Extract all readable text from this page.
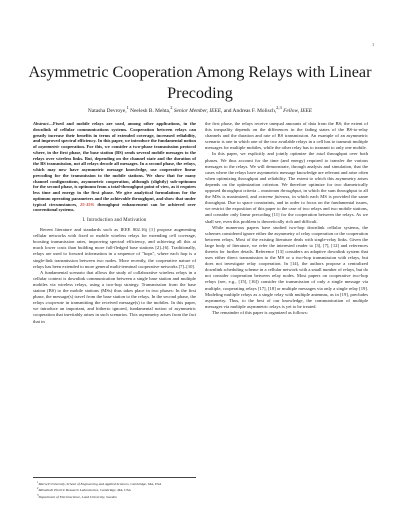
1
Asymmetric Cooperation Among Relays with Linear Precoding
Natasha Devroye,$^1$ Neelesh B. Mehta,$^2$ Senior Member, IEEE, and Andreas F. Molisch,$^{2,3}$ Fellow, IEEE
Abstract—Fixed and mobile relays are used, among other applications, in the downlink of cellular communications systems. Cooperation between relays can greatly increase their benefits in terms of extended coverage, increased reliability, and improved spectral efficiency. In this paper, we introduce the fundamental notion of asymmetric cooperation. For this, we consider a two-phase transmission protocol where, in the first phase, the base station (BS) sends several mobile messages to the relays over wireless links. But, depending on the channel state and the duration of the BS transmission, not all relays decode all messages. In a second phase, the relays, which may now have asymmetric message knowledge, use cooperative linear precoding for the transmission to the mobile stations. We show that for many channel configurations, asymmetric cooperation, although (slightly) sub-optimum for the second phase, is optimum from a total-throughput point of view, as it requires less time and energy in the first phase. We give analytical formulations for the optimum operating parameters and the achievable throughput, and show that under typical circumstances, 25-35% throughput enhancement can be achieved over conventional systems.
I. Introduction and Motivation

Recent literature and standards such as IEEE 802.16j [1] propose augmenting cellular networks with fixed or mobile wireless relays for extending cell coverage, boosting transmission rates, improving spectral efficiency, and achieving all this at much lower costs than building more full-fledged base stations [2]–[6]. Traditionally, relays are used to forward information in a sequence of "hops", where each hop is a single-link transmission between two nodes. More recently, the cooperative nature of relays has been extended to more general multi-terminal cooperative networks [7]–[10].

A fundamental scenario that allows the study of collaborative wireless relays in a cellular context is downlink communication between a single base station and multiple mobiles via wireless relays, using a two-hop strategy. Transmission from the base station (BS) to the mobile stations (MSs) thus takes place in two phases: In the first phase, the message(s) travel from the base station to the relays. In the second phase, the relays cooperate in transmitting the received message(s) to the mobiles. In this paper, we introduce an important, and hitherto ignored, fundamental notion of asymmetric cooperation that inevitably arises in such scenarios. This asymmetry arises from the fact that in

$^1$Marvell University, School of Engineering and Applied Sciences, Cambridge, MA, USA
$^2$Mitsubishi Electric Research Laboratories, Cambridge, MA, USA
$^3$Department of Electroscience, Lund University, Sweden

the first phase, the relays receive unequal amounts of data from the BS; the extent of this inequality depends on the differences in the fading states of the BS-to-relay channels and the duration and rate of BS transmission. An example of an asymmetric scenario is one in which one of the two available relays in a cell has to transmit multiple messages for multiple mobiles, while the other relay has to transmit to only one mobile.

In this paper, we explicitly and jointly optimize the total throughput over both phases. We thus account for the time (and energy) required to transfer the various messages to the relays. We will demonstrate, through analysis and simulation, that the cases where the relays have asymmetric message knowledge are relevant and arise often when optimizing throughput and reliability. The extent to which this asymmetry arises depends on the optimization criterion. We therefore optimize for two diametrically opposed throughput criteria – maximum throughput, in which the sum throughput to all the MSs is maximized, and extreme fairness, in which each MS is provided the same throughput. Due to space constraints, and in order to focus on the fundamental issues, we restrict the exposition of this paper to the case of two relays and two mobile stations, and consider only linear precoding [11] for the cooperation between the relays. As we shall see, even this problem is theoretically rich and difficult.

While numerous papers have studied two-hop downlink cellular systems, the schemes considered ignore either the asymmetry of relay cooperation or the cooperation between relays. Most of the existing literature deals with single-relay links. Given the large body of literature, we refer the interested reader to [3], [7], [12] and references therein for further details. Reference [13] considers an adaptive downlink system that uses either direct transmission to the MS or a two-hop transmission with relays, but does not investigate relay cooperation. In [14], the authors propose a centralized downlink scheduling scheme in a cellular network with a small number of relays, but do not consider cooperation between relay nodes. Most papers on cooperative two-hop relays (see, e.g., [15], [16]) consider the transmission of only a single message via multiple, cooperating relays [17], [18] or multiple messages via only a single relay [19]. Modeling multiple relays as a single relay with multiple antennas, as in [19], precludes asymmetry. Thus, to the best of our knowledge, the communication of multiple messages via multiple asymmetric relays is yet to be treated.

The remainder of this paper is organized as follows:
